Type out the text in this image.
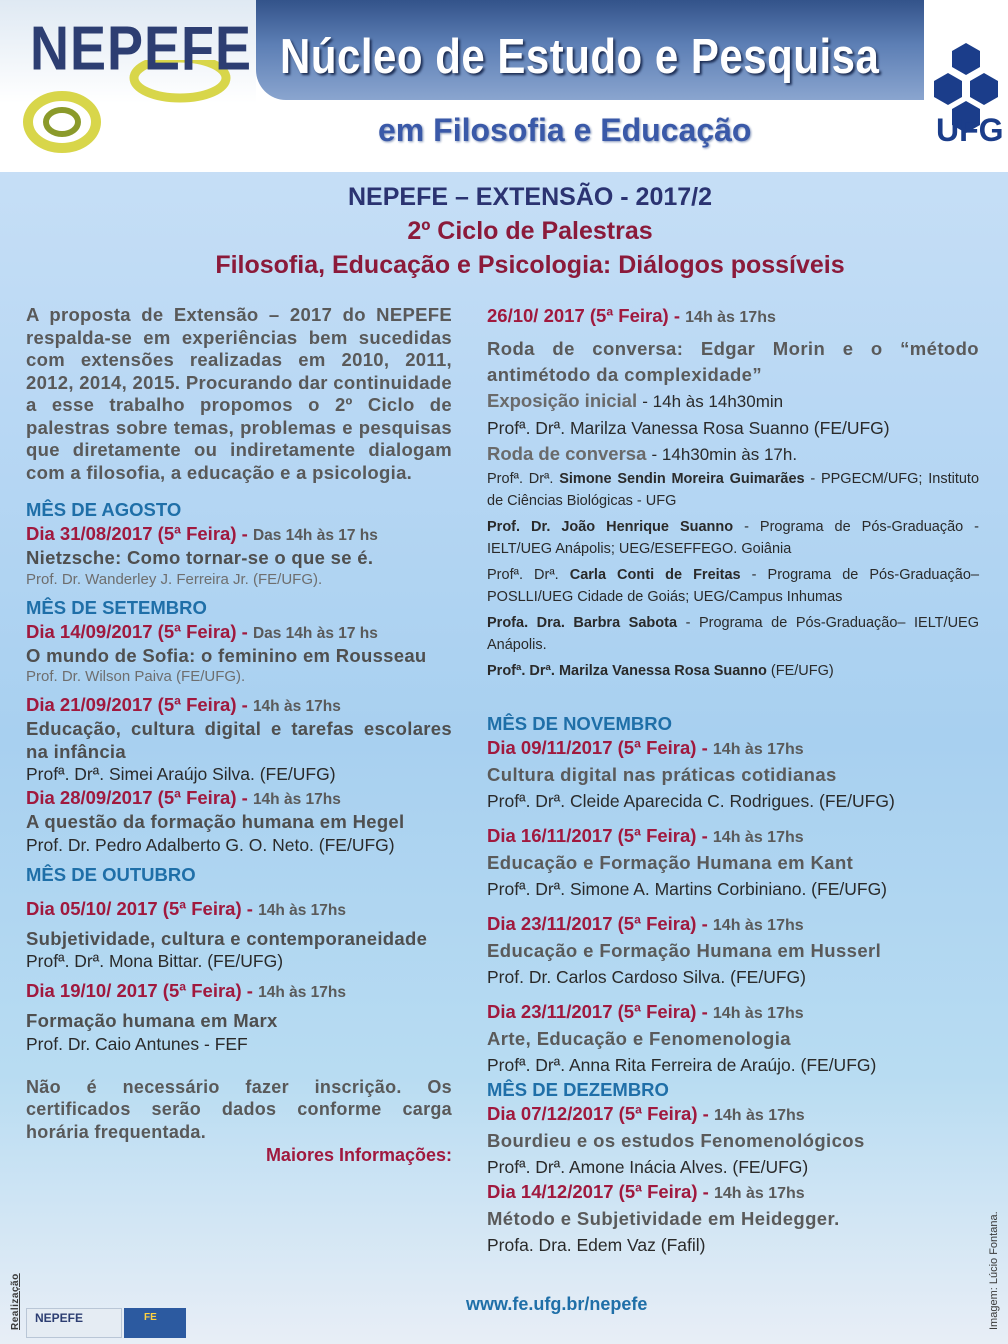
NEPEFE Núcleo de Estudo e Pesquisa
em Filosofia e Educação	UFG
NEPEFE – EXTENSÃO - 2017/2
2º Ciclo de Palestras
Filosofia, Educação e Psicologia: Diálogos possíveis
A proposta de Extensão – 2017 do NEPEFE respalda-se em experiências bem sucedidas com extensões realizadas em 2010, 2011, 2012, 2014, 2015. Procurando dar continuidade a esse trabalho propomos o 2º Ciclo de palestras sobre temas, problemas e pesquisas que diretamente ou indiretamente dialogam com a filosofia, a educação e a psicologia.
MÊS DE AGOSTO
Dia 31/08/2017 (5ª Feira) - Das 14h às 17 hs
Nietzsche: Como tornar-se o que se é.
Prof. Dr. Wanderley J. Ferreira Jr. (FE/UFG).
MÊS DE SETEMBRO
Dia 14/09/2017 (5ª Feira) - Das 14h às 17 hs
O mundo de Sofia: o feminino em Rousseau
Prof. Dr. Wilson Paiva (FE/UFG).
Dia 21/09/2017 (5ª Feira) - 14h às 17hs
Educação, cultura digital e tarefas escolares na infância
Profª. Drª. Simei Araújo Silva. (FE/UFG)
Dia 28/09/2017 (5ª Feira) - 14h às 17hs
A questão da formação humana em Hegel
Prof. Dr. Pedro Adalberto G. O. Neto. (FE/UFG)
MÊS DE OUTUBRO
Dia 05/10/ 2017 (5ª Feira) - 14h às 17hs
Subjetividade, cultura e contemporaneidade
Profª. Drª. Mona Bittar. (FE/UFG)
Dia 19/10/ 2017 (5ª Feira) - 14h às 17hs
Formação humana em Marx
Prof. Dr. Caio Antunes - FEF
Não é necessário fazer inscrição. Os certificados serão dados conforme carga horária frequentada.
Maiores Informações:
26/10/ 2017 (5ª Feira) - 14h às 17hs
Roda de conversa: Edgar Morin e o “método antimétodo da complexidade”
Exposição inicial - 14h às 14h30min
Profª. Drª. Marilza Vanessa Rosa Suanno (FE/UFG)
Roda de conversa - 14h30min às 17h.
Profª. Drª. Simone Sendin Moreira Guimarães - PPGECM/UFG; Instituto de Ciências Biológicas - UFG
Prof. Dr. João Henrique Suanno - Programa de Pós-Graduação - IELT/UEG Anápolis; UEG/ESEFFEGO. Goiânia
Profª. Drª. Carla Conti de Freitas - Programa de Pós-Graduação– POSLLI/UEG Cidade de Goiás; UEG/Campus Inhumas
Profa. Dra. Barbra Sabota - Programa de Pós-Graduação– IELT/UEG Anápolis.
Profª. Drª. Marilza Vanessa Rosa Suanno (FE/UFG)
MÊS DE NOVEMBRO
Dia 09/11/2017 (5ª Feira) - 14h às 17hs
Cultura digital nas práticas cotidianas
Profª. Drª. Cleide Aparecida C. Rodrigues. (FE/UFG)
Dia 16/11/2017 (5ª Feira) - 14h às 17hs
Educação e Formação Humana em Kant
Profª. Drª. Simone A. Martins Corbiniano. (FE/UFG)
Dia 23/11/2017 (5ª Feira) - 14h às 17hs
Educação e Formação Humana em Husserl
Prof. Dr. Carlos Cardoso Silva. (FE/UFG)
Dia 23/11/2017 (5ª Feira) - 14h às 17hs
Arte, Educação e Fenomenologia
Profª. Drª. Anna Rita Ferreira de Araújo. (FE/UFG)
MÊS DE DEZEMBRO
Dia 07/12/2017 (5ª Feira) - 14h às 17hs
Bourdieu e os estudos Fenomenológicos
Profª. Drª. Amone Inácia Alves. (FE/UFG)
Dia 14/12/2017 (5ª Feira) - 14h às 17hs
Método e Subjetividade em Heidegger.
Profa. Dra. Edem Vaz (Fafil)
www.fe.ufg.br/nepefe	Imagem: Lúcio Fontana.
Realização NEPEFE	FE
